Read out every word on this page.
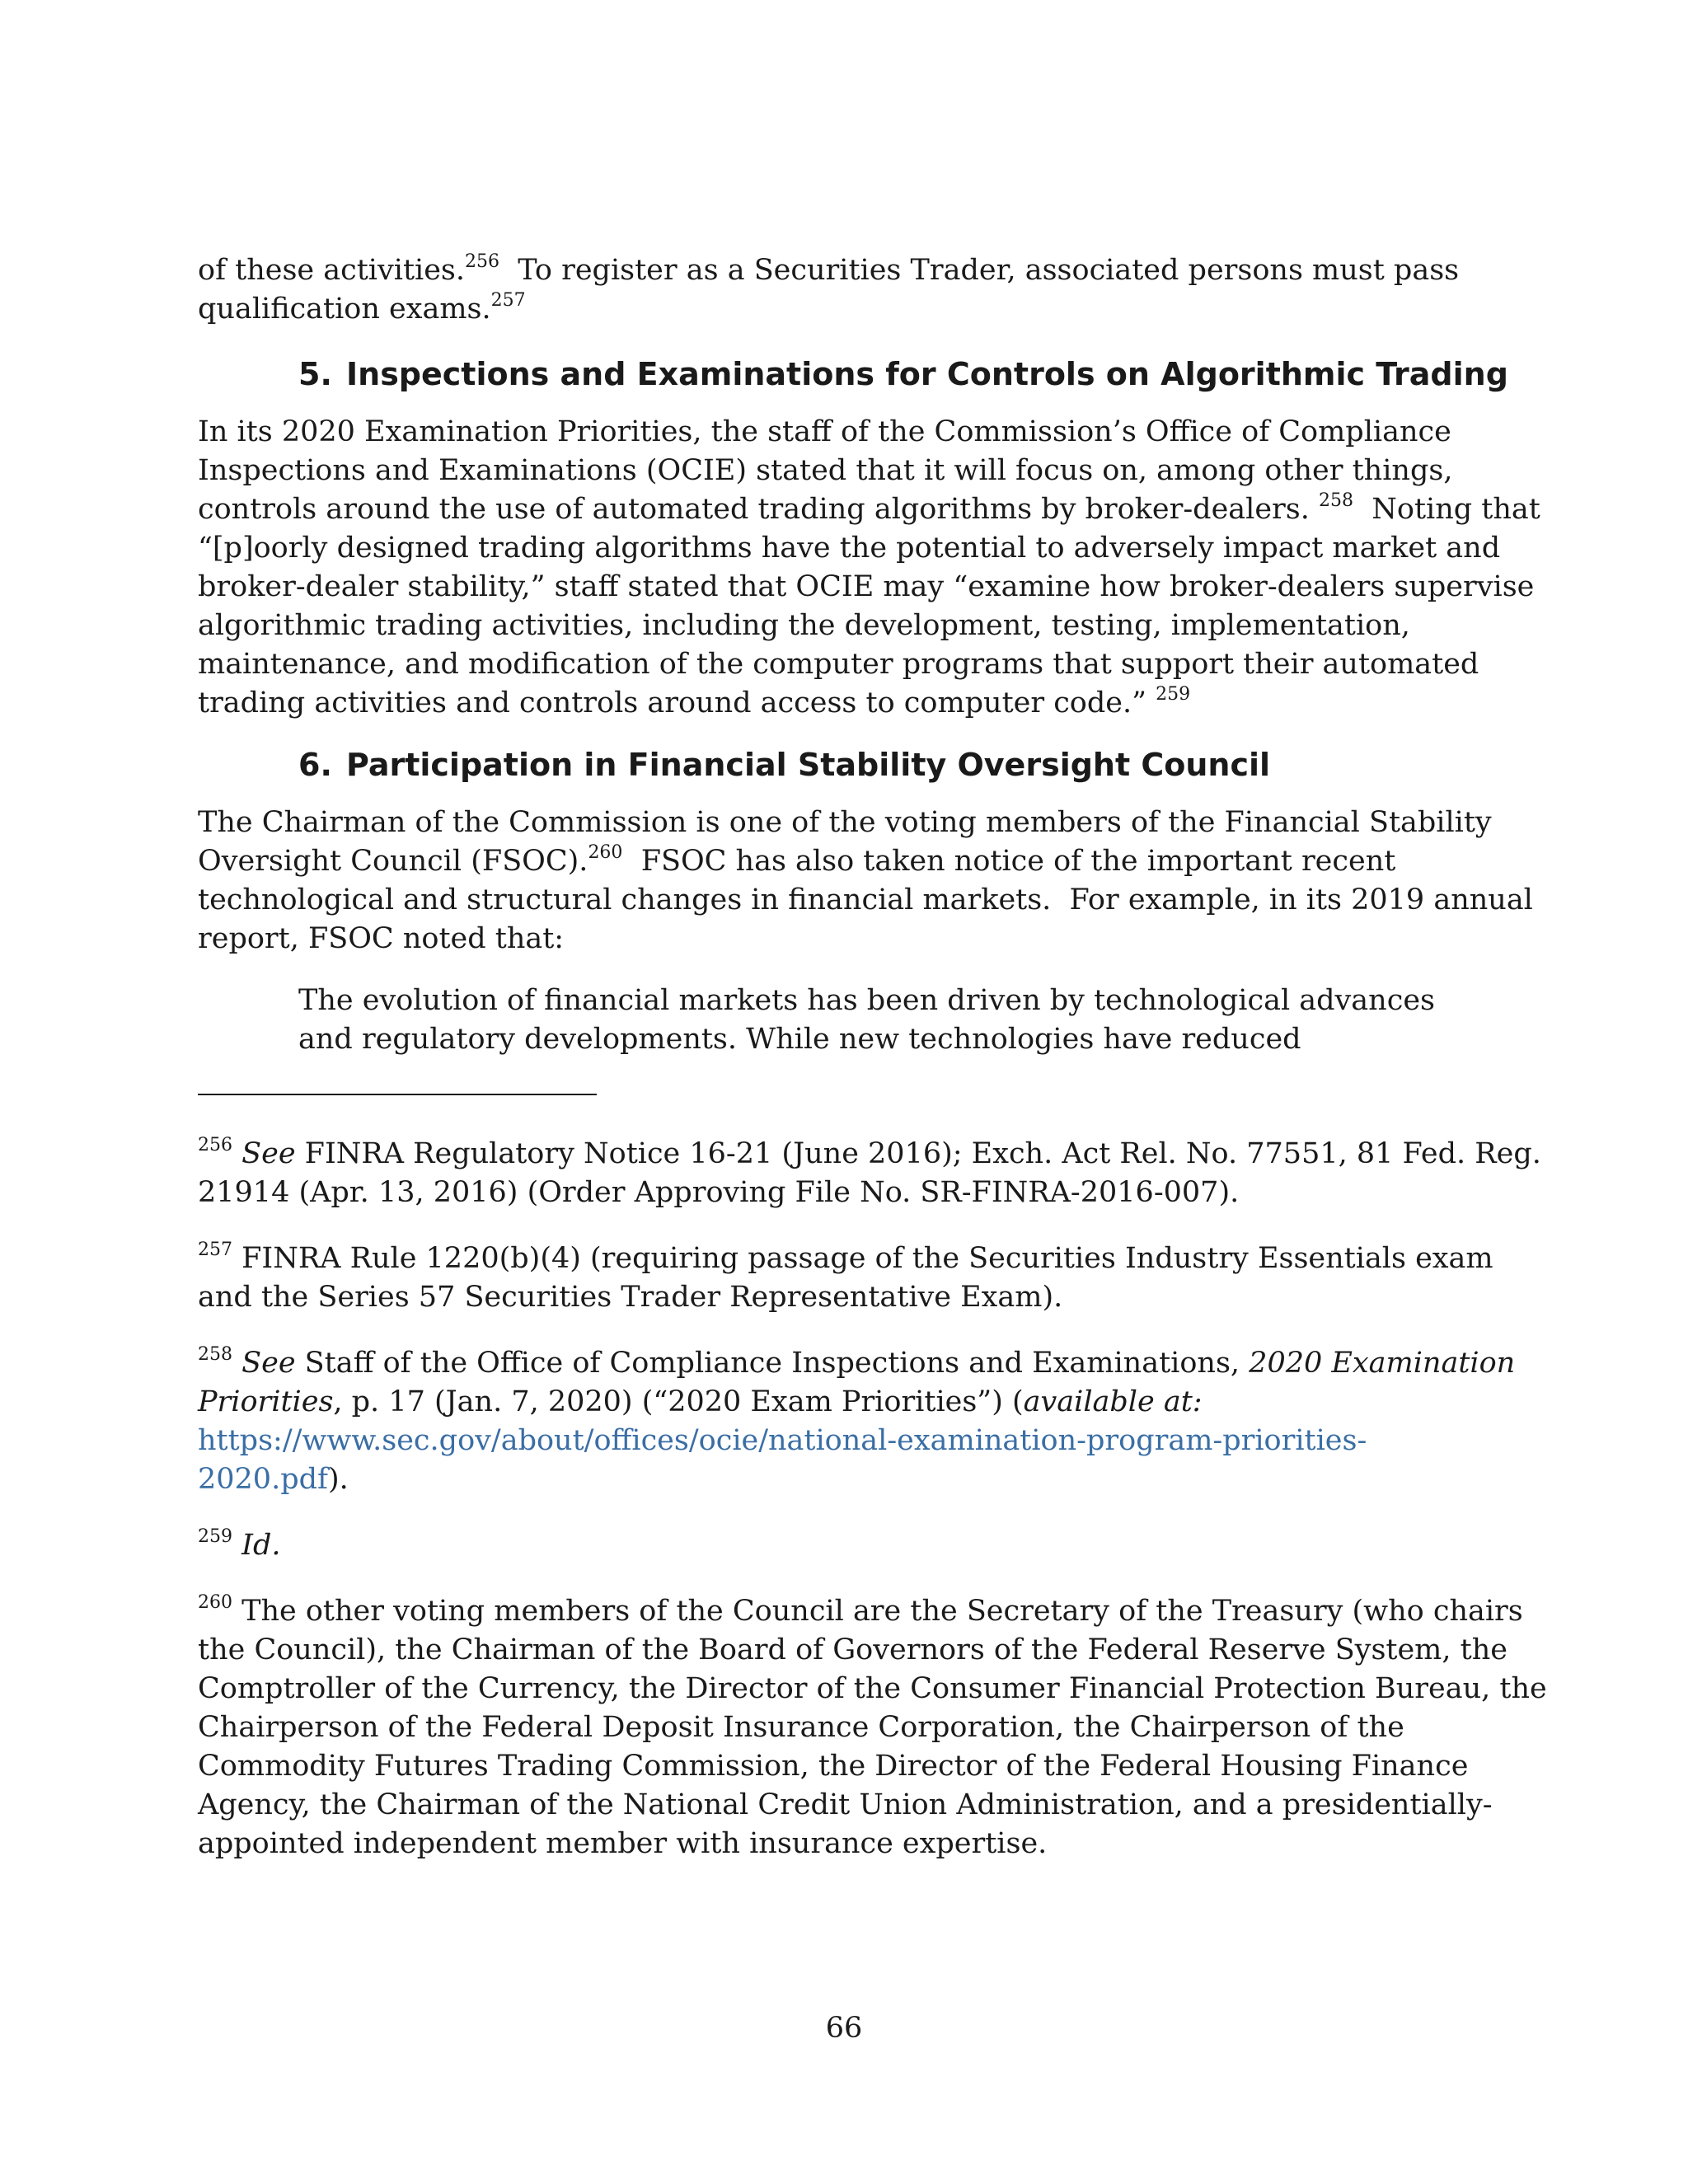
of these activities.$^{256}$  To register as a Securities Trader, associated persons must pass
qualification exams.$^{257}$

5. Inspections and Examinations for Controls on Algorithmic Trading

In its 2020 Examination Priorities, the staff of the Commission’s Office of Compliance
Inspections and Examinations (OCIE) stated that it will focus on, among other things,
controls around the use of automated trading algorithms by broker-dealers. $^{258}$  Noting that
“[p]oorly designed trading algorithms have the potential to adversely impact market and
broker-dealer stability,” staff stated that OCIE may “examine how broker-dealers supervise
algorithmic trading activities, including the development, testing, implementation,
maintenance, and modification of the computer programs that support their automated
trading activities and controls around access to computer code.” $^{259}$

6. Participation in Financial Stability Oversight Council

The Chairman of the Commission is one of the voting members of the Financial Stability
Oversight Council (FSOC).$^{260}$  FSOC has also taken notice of the important recent
technological and structural changes in financial markets.  For example, in its 2019 annual
report, FSOC noted that:

The evolution of financial markets has been driven by technological advances
and regulatory developments. While new technologies have reduced

$^{256}$ See FINRA Regulatory Notice 16-21 (June 2016); Exch. Act Rel. No. 77551, 81 Fed. Reg.
21914 (Apr. 13, 2016) (Order Approving File No. SR-FINRA-2016-007).

$^{257}$ FINRA Rule 1220(b)(4) (requiring passage of the Securities Industry Essentials exam
and the Series 57 Securities Trader Representative Exam).

$^{258}$ See Staff of the Office of Compliance Inspections and Examinations, 2020 Examination
Priorities, p. 17 (Jan. 7, 2020) (“2020 Exam Priorities”) (available at:
https://www.sec.gov/about/offices/ocie/national-examination-program-priorities-
2020.pdf).

$^{259}$ Id.

$^{260}$ The other voting members of the Council are the Secretary of the Treasury (who chairs
the Council), the Chairman of the Board of Governors of the Federal Reserve System, the
Comptroller of the Currency, the Director of the Consumer Financial Protection Bureau, the
Chairperson of the Federal Deposit Insurance Corporation, the Chairperson of the
Commodity Futures Trading Commission, the Director of the Federal Housing Finance
Agency, the Chairman of the National Credit Union Administration, and a presidentially-
appointed independent member with insurance expertise.

66
